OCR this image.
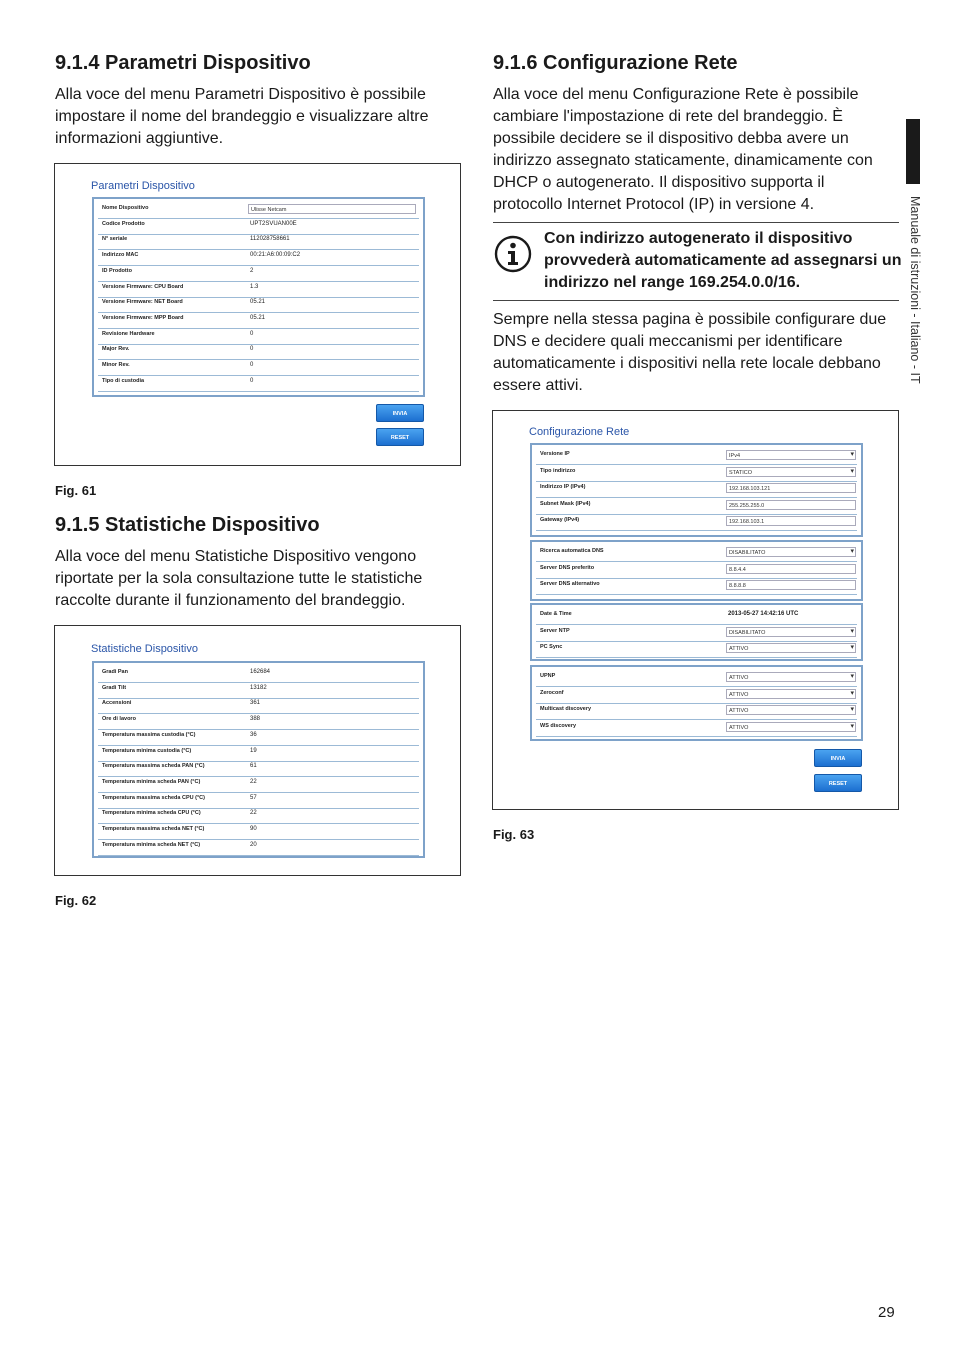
9.1.4 Parametri Dispositivo

Alla voce del menu Parametri Dispositivo è possibile impostare il nome del brandeggio e visualizzare altre informazioni aggiuntive.

Parametri Dispositivo
Nome Dispositivo	Ulisse Netcam
Codice Prodotto	UPT2SVUAN00E
N° seriale	112028758661
Indirizzo MAC	00:21:A6:00:09:C2
ID Prodotto	2
Versione Firmware: CPU Board	1.3
Versione Firmware: NET Board	05.21
Versione Firmware: MPP Board	05.21
Revisione Hardware	0
Major Rev.	0
Minor Rev.	0
Tipo di custodia	0
INVIA
RESET
Fig. 61
9.1.5 Statistiche Dispositivo

Alla voce del menu Statistiche Dispositivo vengono riportate per la sola consultazione tutte le statistiche raccolte durante il funzionamento del brandeggio.

Statistiche Dispositivo
Gradi Pan	162684
Gradi Tilt	13182
Accensioni	361
Ore di lavoro	388
Temperatura massima custodia (°C)	36
Temperatura minima custodia (°C)	19
Temperatura massima scheda PAN (°C)	61
Temperatura minima scheda PAN (°C)	22
Temperatura massima scheda CPU (°C)	57
Temperatura minima scheda CPU (°C)	22
Temperatura massima scheda NET (°C)	90
Temperatura minima scheda NET (°C)	20
Fig. 62
9.1.6 Configurazione Rete

Alla voce del menu Configurazione Rete è possibile cambiare l'impostazione di rete del brandeggio. È possibile decidere se il dispositivo debba avere un indirizzo assegnato staticamente, dinamicamente con DHCP o autogenerato. Il dispositivo supporta il protocollo Internet Protocol (IP) in versione 4.

Con indirizzo autogenerato il dispositivo provvederà automaticamente ad assegnarsi un indirizzo nel range 169.254.0.0/16.

Sempre nella stessa pagina è possibile configurare due DNS e decidere quali meccanismi per identificare automaticamente i dispositivi nella rete locale debbano essere attivi.

Configurazione Rete
Versione IP	IPv4 ▾
Tipo indirizzo	STATICO ▾
Indirizzo IP (IPv4)	192.168.103.121
Subnet Mask (IPv4)	255.255.255.0
Gateway (IPv4)	192.168.103.1
Ricerca automatica DNS	DISABILITATO ▾
Server DNS preferito	8.8.4.4
Server DNS alternativo	8.8.8.8
Date & Time	2013-05-27 14:42:16 UTC
Server NTP	DISABILITATO ▾
PC Sync	ATTIVO ▾
UPNP	ATTIVO ▾
Zeroconf	ATTIVO ▾
Multicast discovery	ATTIVO ▾
WS discovery	ATTIVO ▾
INVIA
RESET
Fig. 63
Manuale di istruzioni - Italiano - IT
29
